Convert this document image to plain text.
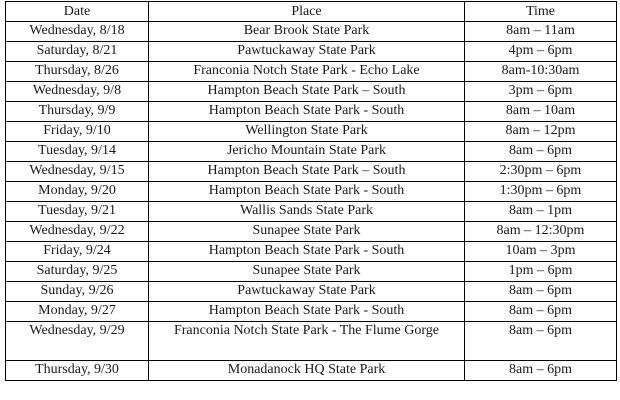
Date	Place	Time
Wednesday, 8/18	Bear Brook State Park	8am – 11am
Saturday, 8/21	Pawtuckaway State Park	4pm – 6pm
Thursday, 8/26	Franconia Notch State Park - Echo Lake	8am-10:30am
Wednesday, 9/8	Hampton Beach State Park – South	3pm – 6pm
Thursday, 9/9	Hampton Beach State Park - South	8am – 10am
Friday, 9/10	Wellington State Park	8am – 12pm
Tuesday, 9/14	Jericho Mountain State Park	8am – 6pm
Wednesday, 9/15	Hampton Beach State Park – South	2:30pm – 6pm
Monday, 9/20	Hampton Beach State Park - South	1:30pm – 6pm
Tuesday, 9/21	Wallis Sands State Park	8am – 1pm
Wednesday, 9/22	Sunapee State Park	8am – 12:30pm
Friday, 9/24	Hampton Beach State Park - South	10am – 3pm
Saturday, 9/25	Sunapee State Park	1pm – 6pm
Sunday, 9/26	Pawtuckaway State Park	8am – 6pm
Monday, 9/27	Hampton Beach State Park - South	8am – 6pm
Wednesday, 9/29	Franconia Notch State Park - The Flume Gorge	8am – 6pm
Thursday, 9/30	Monadanock HQ State Park	8am – 6pm
